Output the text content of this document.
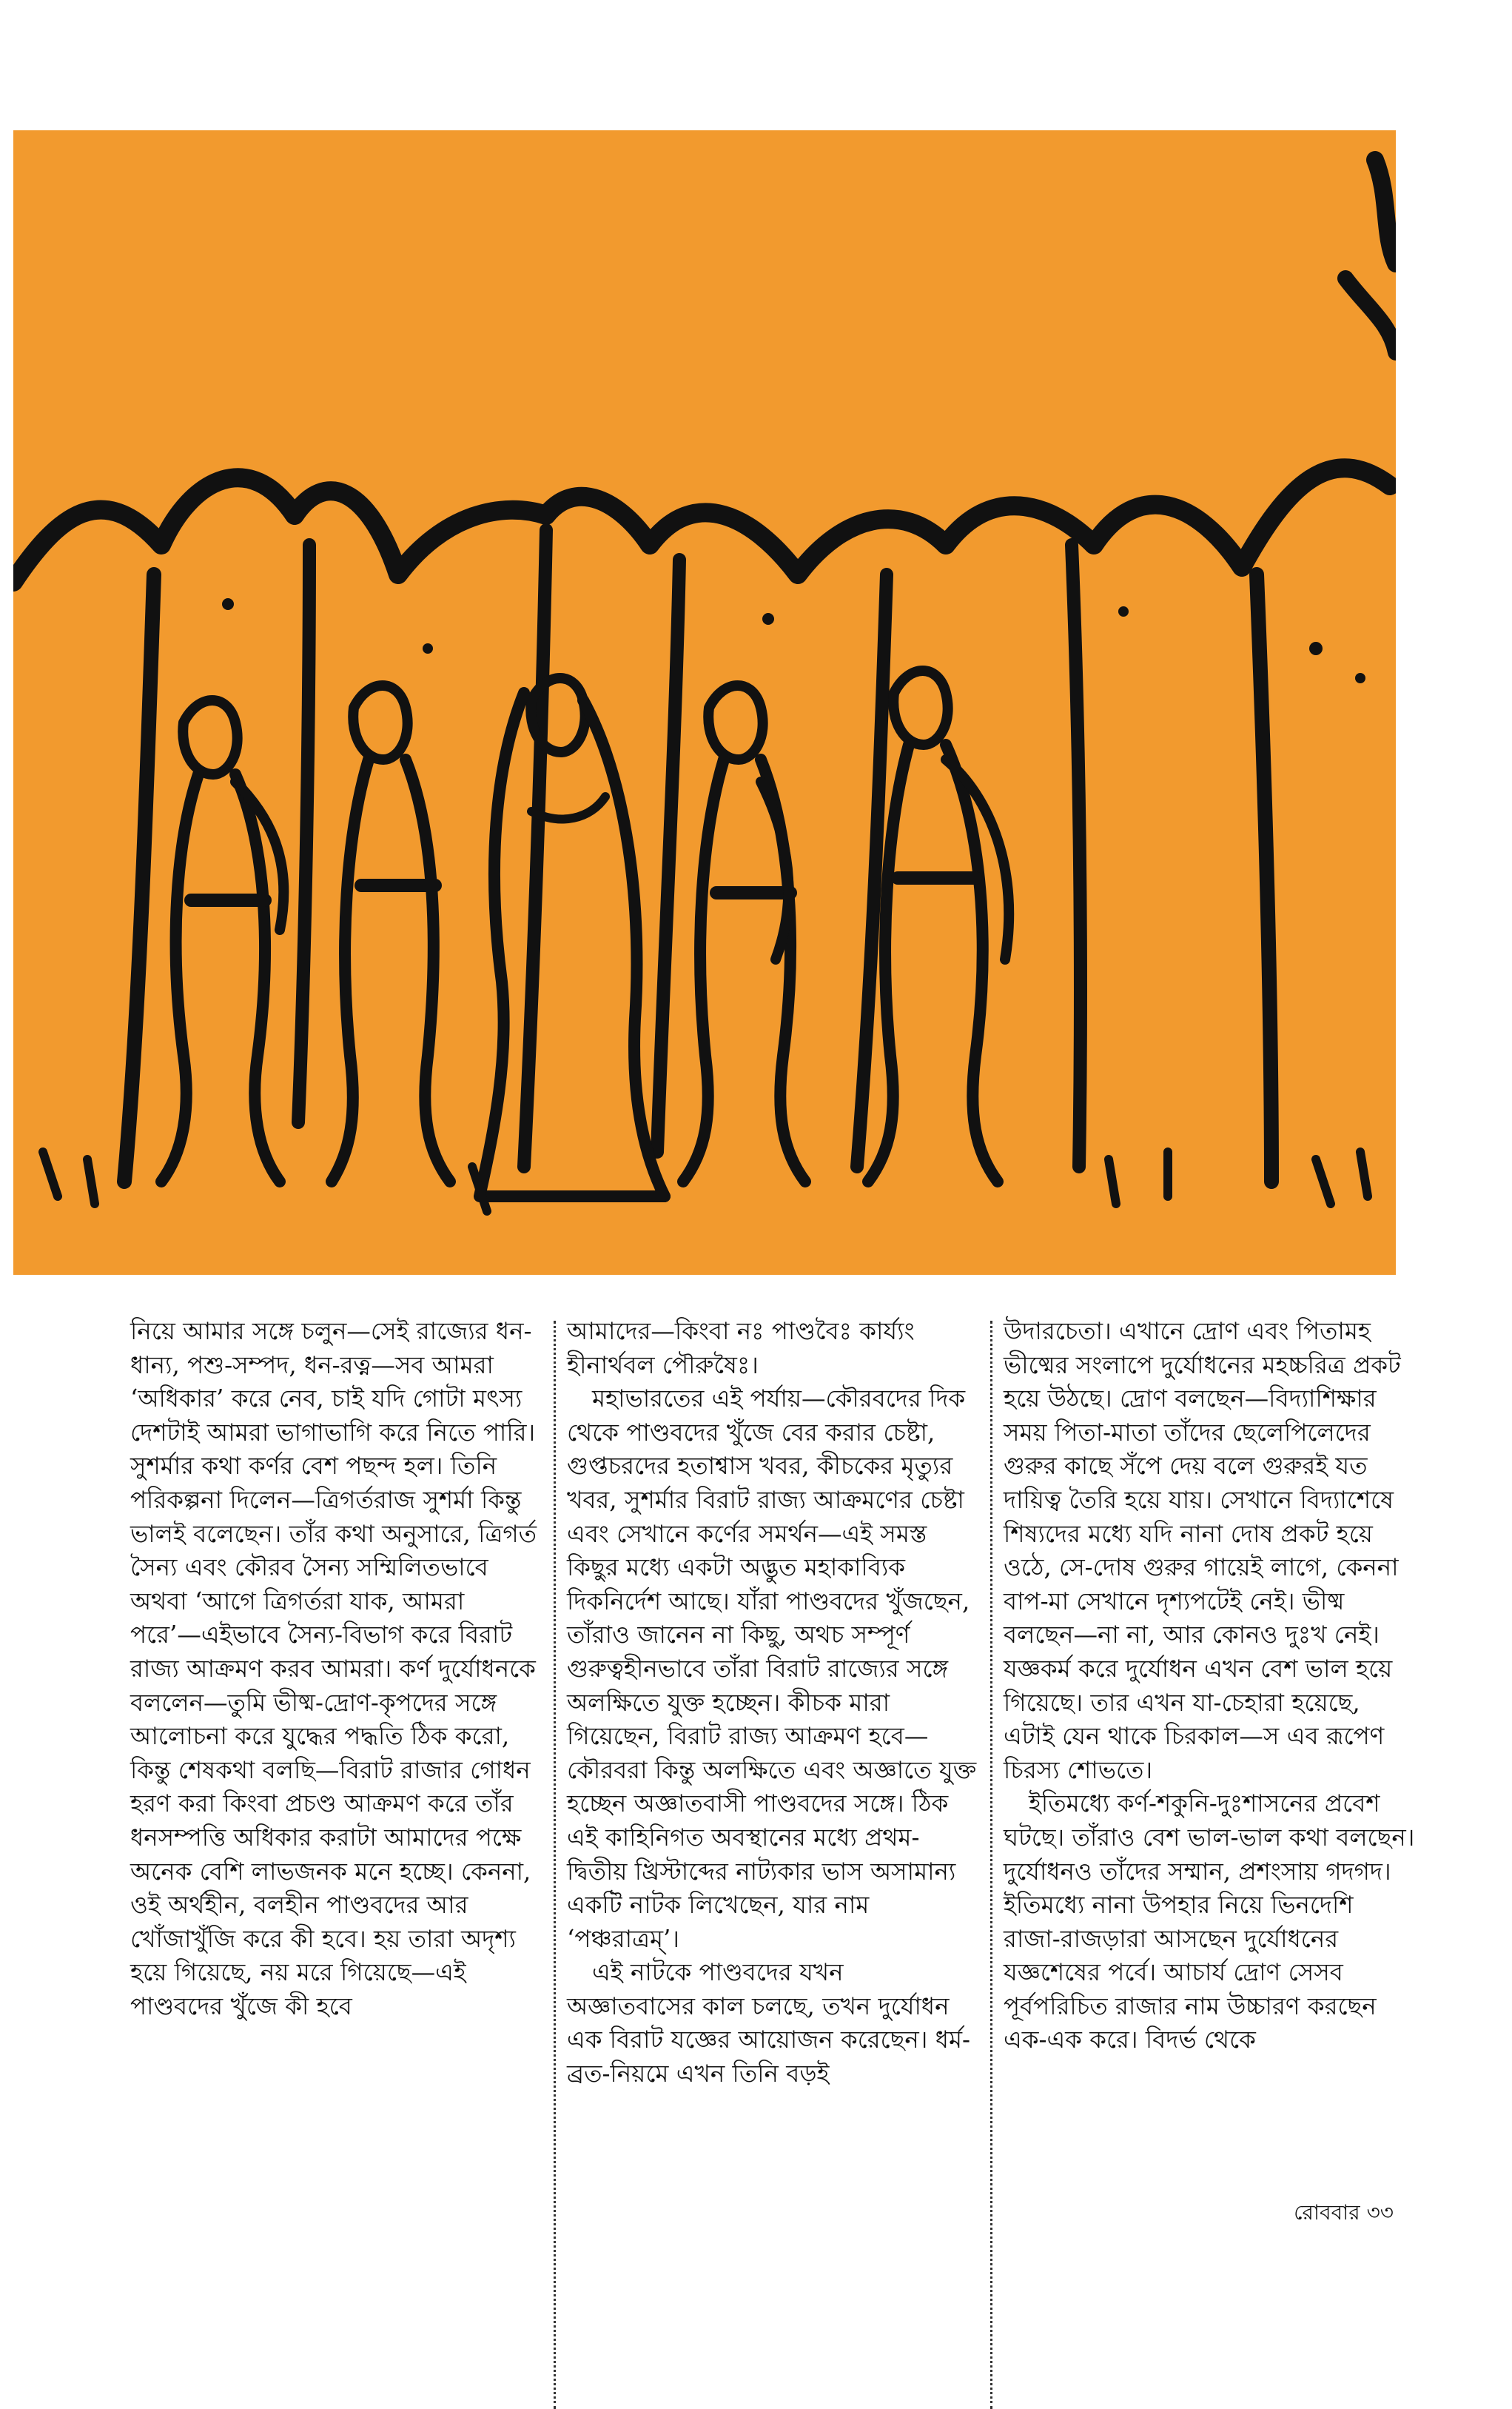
নিয়ে আমার সঙ্গে চলুন—সেই রাজ্যের ধন-ধান্য, পশু-সম্পদ, ধন-রত্ন—সব আমরা ‘অধিকার’ করে নেব, চাই যদি গোটা মৎস্য দেশটাই আমরা ভাগাভাগি করে নিতে পারি। সুশর্মার কথা কর্ণর বেশ পছন্দ হল। তিনি পরিকল্পনা দিলেন—ত্রিগর্তরাজ সুশর্মা কিন্তু ভালই বলেছেন। তাঁর কথা অনুসারে, ত্রিগর্ত সৈন্য এবং কৌরব সৈন্য সম্মিলিতভাবে অথবা ‘আগে ত্রিগর্তরা যাক, আমরা পরে’—এইভাবে সৈন্য-বিভাগ করে বিরাট রাজ্য আক্রমণ করব আমরা। কর্ণ দুর্যোধনকে বললেন—তুমি ভীষ্ম-দ্রোণ-কৃপদের সঙ্গে আলোচনা করে যুদ্ধের পদ্ধতি ঠিক করো, কিন্তু শেষকথা বলছি—বিরাট রাজার গোধন হরণ করা কিংবা প্রচণ্ড আক্রমণ করে তাঁর ধনসম্পত্তি অধিকার করাটা আমাদের পক্ষে অনেক বেশি লাভজনক মনে হচ্ছে। কেননা, ওই অর্থহীন, বলহীন পাণ্ডবদের আর খোঁজাখুঁজি করে কী হবে। হয় তারা অদৃশ্য হয়ে গিয়েছে, নয় মরে গিয়েছে—এই পাণ্ডবদের খুঁজে কী হবে

আমাদের—কিংবা নঃ পাণ্ডবৈঃ কার্য্যং হীনার্থবল পৌরুষৈঃ।

মহাভারতের এই পর্যায়—কৌরবদের দিক থেকে পাণ্ডবদের খুঁজে বের করার চেষ্টা, গুপ্তচরদের হতাশ্বাস খবর, কীচকের মৃত্যুর খবর, সুশর্মার বিরাট রাজ্য আক্রমণের চেষ্টা এবং সেখানে কর্ণের সমর্থন—এই সমস্ত কিছুর মধ্যে একটা অদ্ভুত মহাকাব্যিক দিকনির্দেশ আছে। যাঁরা পাণ্ডবদের খুঁজছেন, তাঁরাও জানেন না কিছু, অথচ সম্পূর্ণ গুরুত্বহীনভাবে তাঁরা বিরাট রাজ্যের সঙ্গে অলক্ষিতে যুক্ত হচ্ছেন। কীচক মারা গিয়েছেন, বিরাট রাজ্য আক্রমণ হবে—কৌরবরা কিন্তু অলক্ষিতে এবং অজ্ঞাতে যুক্ত হচ্ছেন অজ্ঞাতবাসী পাণ্ডবদের সঙ্গে। ঠিক এই কাহিনিগত অবস্থানের মধ্যে প্রথম-দ্বিতীয় খ্রিস্টাব্দের নাট্যকার ভাস অসামান্য একটি নাটক লিখেছেন, যার নাম ‘পঞ্চরাত্রম্’।

এই নাটকে পাণ্ডবদের যখন অজ্ঞাতবাসের কাল চলছে, তখন দুর্যোধন এক বিরাট যজ্ঞের আয়োজন করেছেন। ধর্ম-ব্রত-নিয়মে এখন তিনি বড়ই

উদারচেতা। এখানে দ্রোণ এবং পিতামহ ভীষ্মের সংলাপে দুর্যোধনের মহচ্চরিত্র প্রকট হয়ে উঠছে। দ্রোণ বলছেন—বিদ্যাশিক্ষার সময় পিতা-মাতা তাঁদের ছেলেপিলেদের গুরুর কাছে সঁপে দেয় বলে গুরুরই যত দায়িত্ব তৈরি হয়ে যায়। সেখানে বিদ্যাশেষে শিষ্যদের মধ্যে যদি নানা দোষ প্রকট হয়ে ওঠে, সে-দোষ গুরুর গায়েই লাগে, কেননা বাপ-মা সেখানে দৃশ্যপটেই নেই। ভীষ্ম বলছেন—না না, আর কোনও দুঃখ নেই। যজ্ঞকর্ম করে দুর্যোধন এখন বেশ ভাল হয়ে গিয়েছে। তার এখন যা-চেহারা হয়েছে, এটাই যেন থাকে চিরকাল—স এব রূপেণ চিরস্য শোভতে।

ইতিমধ্যে কর্ণ-শকুনি-দুঃশাসনের প্রবেশ ঘটছে। তাঁরাও বেশ ভাল-ভাল কথা বলছেন। দুর্যোধনও তাঁদের সম্মান, প্রশংসায় গদগদ। ইতিমধ্যে নানা উপহার নিয়ে ভিনদেশি রাজা-রাজড়ারা আসছেন দুর্যোধনের যজ্ঞশেষের পর্বে। আচার্য দ্রোণ সেসব পূর্বপরিচিত রাজার নাম উচ্চারণ করছেন এক-এক করে। বিদর্ভ থেকে

রোববার ৩৩
